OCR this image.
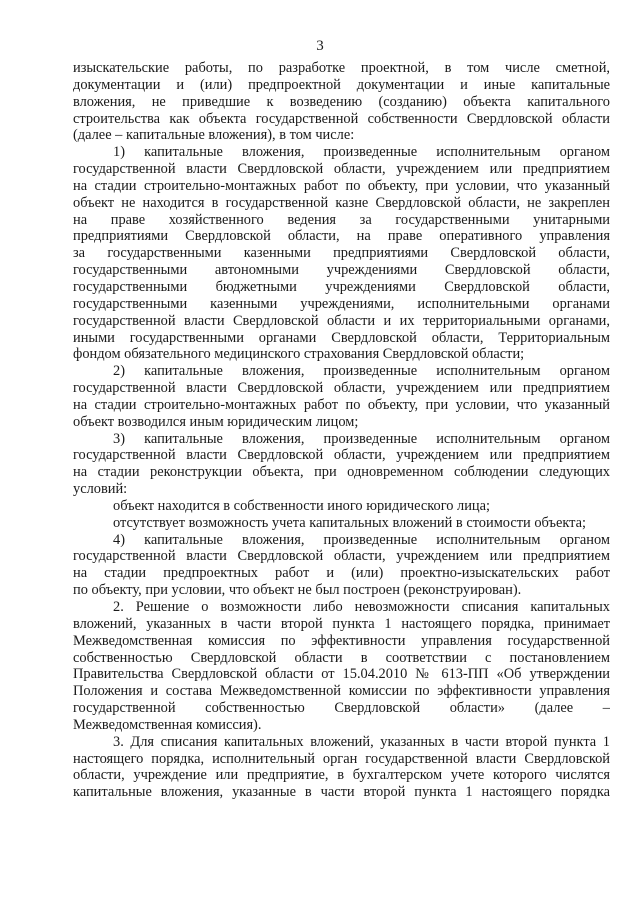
3
изыскательские работы, по разработке проектной, в том числе сметной,
документации и (или) предпроектной документации и иные капитальные
вложения, не приведшие к возведению (созданию) объекта капитального
строительства как объекта государственной собственности Свердловской области
(далее – капитальные вложения), в том числе:
1) капитальные вложения, произведенные исполнительным органом
государственной власти Свердловской области, учреждением или предприятием
на стадии строительно-монтажных работ по объекту, при условии, что указанный
объект не находится в государственной казне Свердловской области, не закреплен
на праве хозяйственного ведения за государственными унитарными
предприятиями Свердловской области, на праве оперативного управления
за государственными казенными предприятиями Свердловской области,
государственными автономными учреждениями Свердловской области,
государственными бюджетными учреждениями Свердловской области,
государственными казенными учреждениями, исполнительными органами
государственной власти Свердловской области и их территориальными органами,
иными государственными органами Свердловской области, Территориальным
фондом обязательного медицинского страхования Свердловской области;
2) капитальные вложения, произведенные исполнительным органом
государственной власти Свердловской области, учреждением или предприятием
на стадии строительно-монтажных работ по объекту, при условии, что указанный
объект возводился иным юридическим лицом;
3) капитальные вложения, произведенные исполнительным органом
государственной власти Свердловской области, учреждением или предприятием
на стадии реконструкции объекта, при одновременном соблюдении следующих
условий:
объект находится в собственности иного юридического лица;
отсутствует возможность учета капитальных вложений в стоимости объекта;
4) капитальные вложения, произведенные исполнительным органом
государственной власти Свердловской области, учреждением или предприятием
на стадии предпроектных работ и (или) проектно-изыскательских работ
по объекту, при условии, что объект не был построен (реконструирован).
2. Решение о возможности либо невозможности списания капитальных
вложений, указанных в части второй пункта 1 настоящего порядка, принимает
Межведомственная комиссия по эффективности управления государственной
собственностью Свердловской области в соответствии с постановлением
Правительства Свердловской области от 15.04.2010 № 613-ПП «Об утверждении
Положения и состава Межведомственной комиссии по эффективности управления
государственной собственностью Свердловской области» (далее –
Межведомственная комиссия).
3. Для списания капитальных вложений, указанных в части второй пункта 1
настоящего порядка, исполнительный орган государственной власти Свердловской
области, учреждение или предприятие, в бухгалтерском учете которого числятся
капитальные вложения, указанные в части второй пункта 1 настоящего порядка
